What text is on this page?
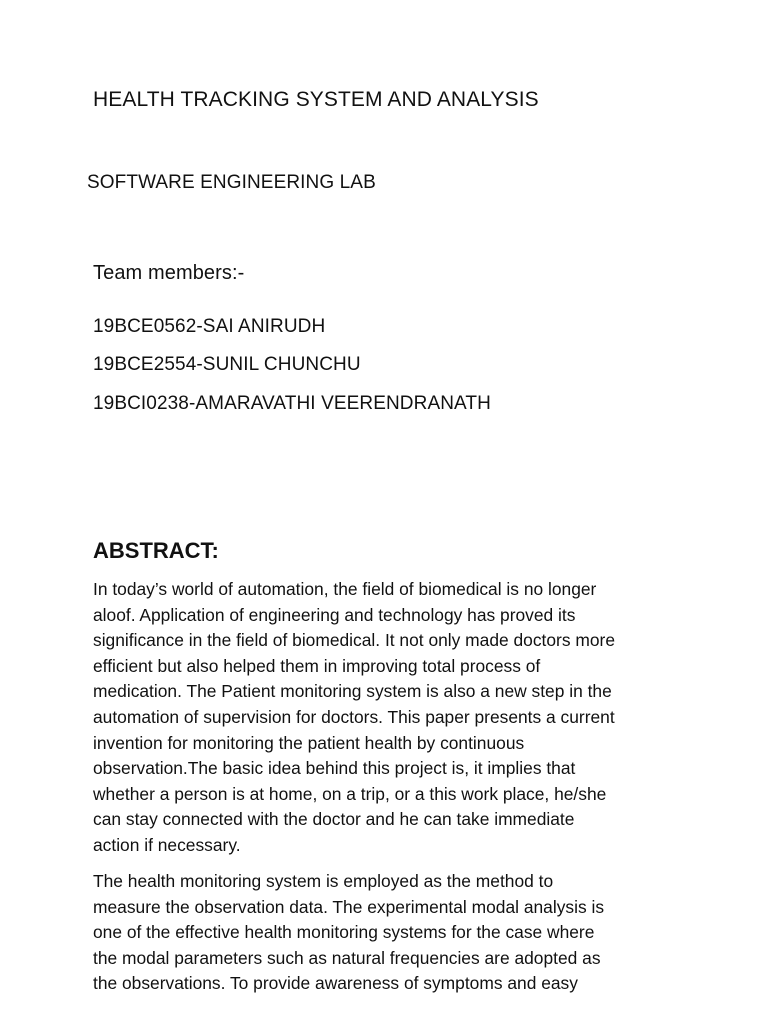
HEALTH TRACKING SYSTEM AND ANALYSIS
SOFTWARE ENGINEERING LAB
Team members:-
19BCE0562-SAI ANIRUDH
19BCE2554-SUNIL CHUNCHU
19BCI0238-AMARAVATHI VEERENDRANATH
ABSTRACT:
In today’s world of automation, the field of biomedical is no longer
aloof. Application of engineering and technology has proved its
significance in the field of biomedical. It not only made doctors more
efficient but also helped them in improving total process of
medication. The Patient monitoring system is also a new step in the
automation of supervision for doctors. This paper presents a current
invention for monitoring the patient health by continuous
observation.The basic idea behind this project is, it implies that
whether a person is at home, on a trip, or a this work place, he/she
can stay connected with the doctor and he can take immediate
action if necessary.
The health monitoring system is employed as the method to
measure the observation data. The experimental modal analysis is
one of the effective health monitoring systems for the case where
the modal parameters such as natural frequencies are adopted as
the observations. To provide awareness of symptoms and easy
